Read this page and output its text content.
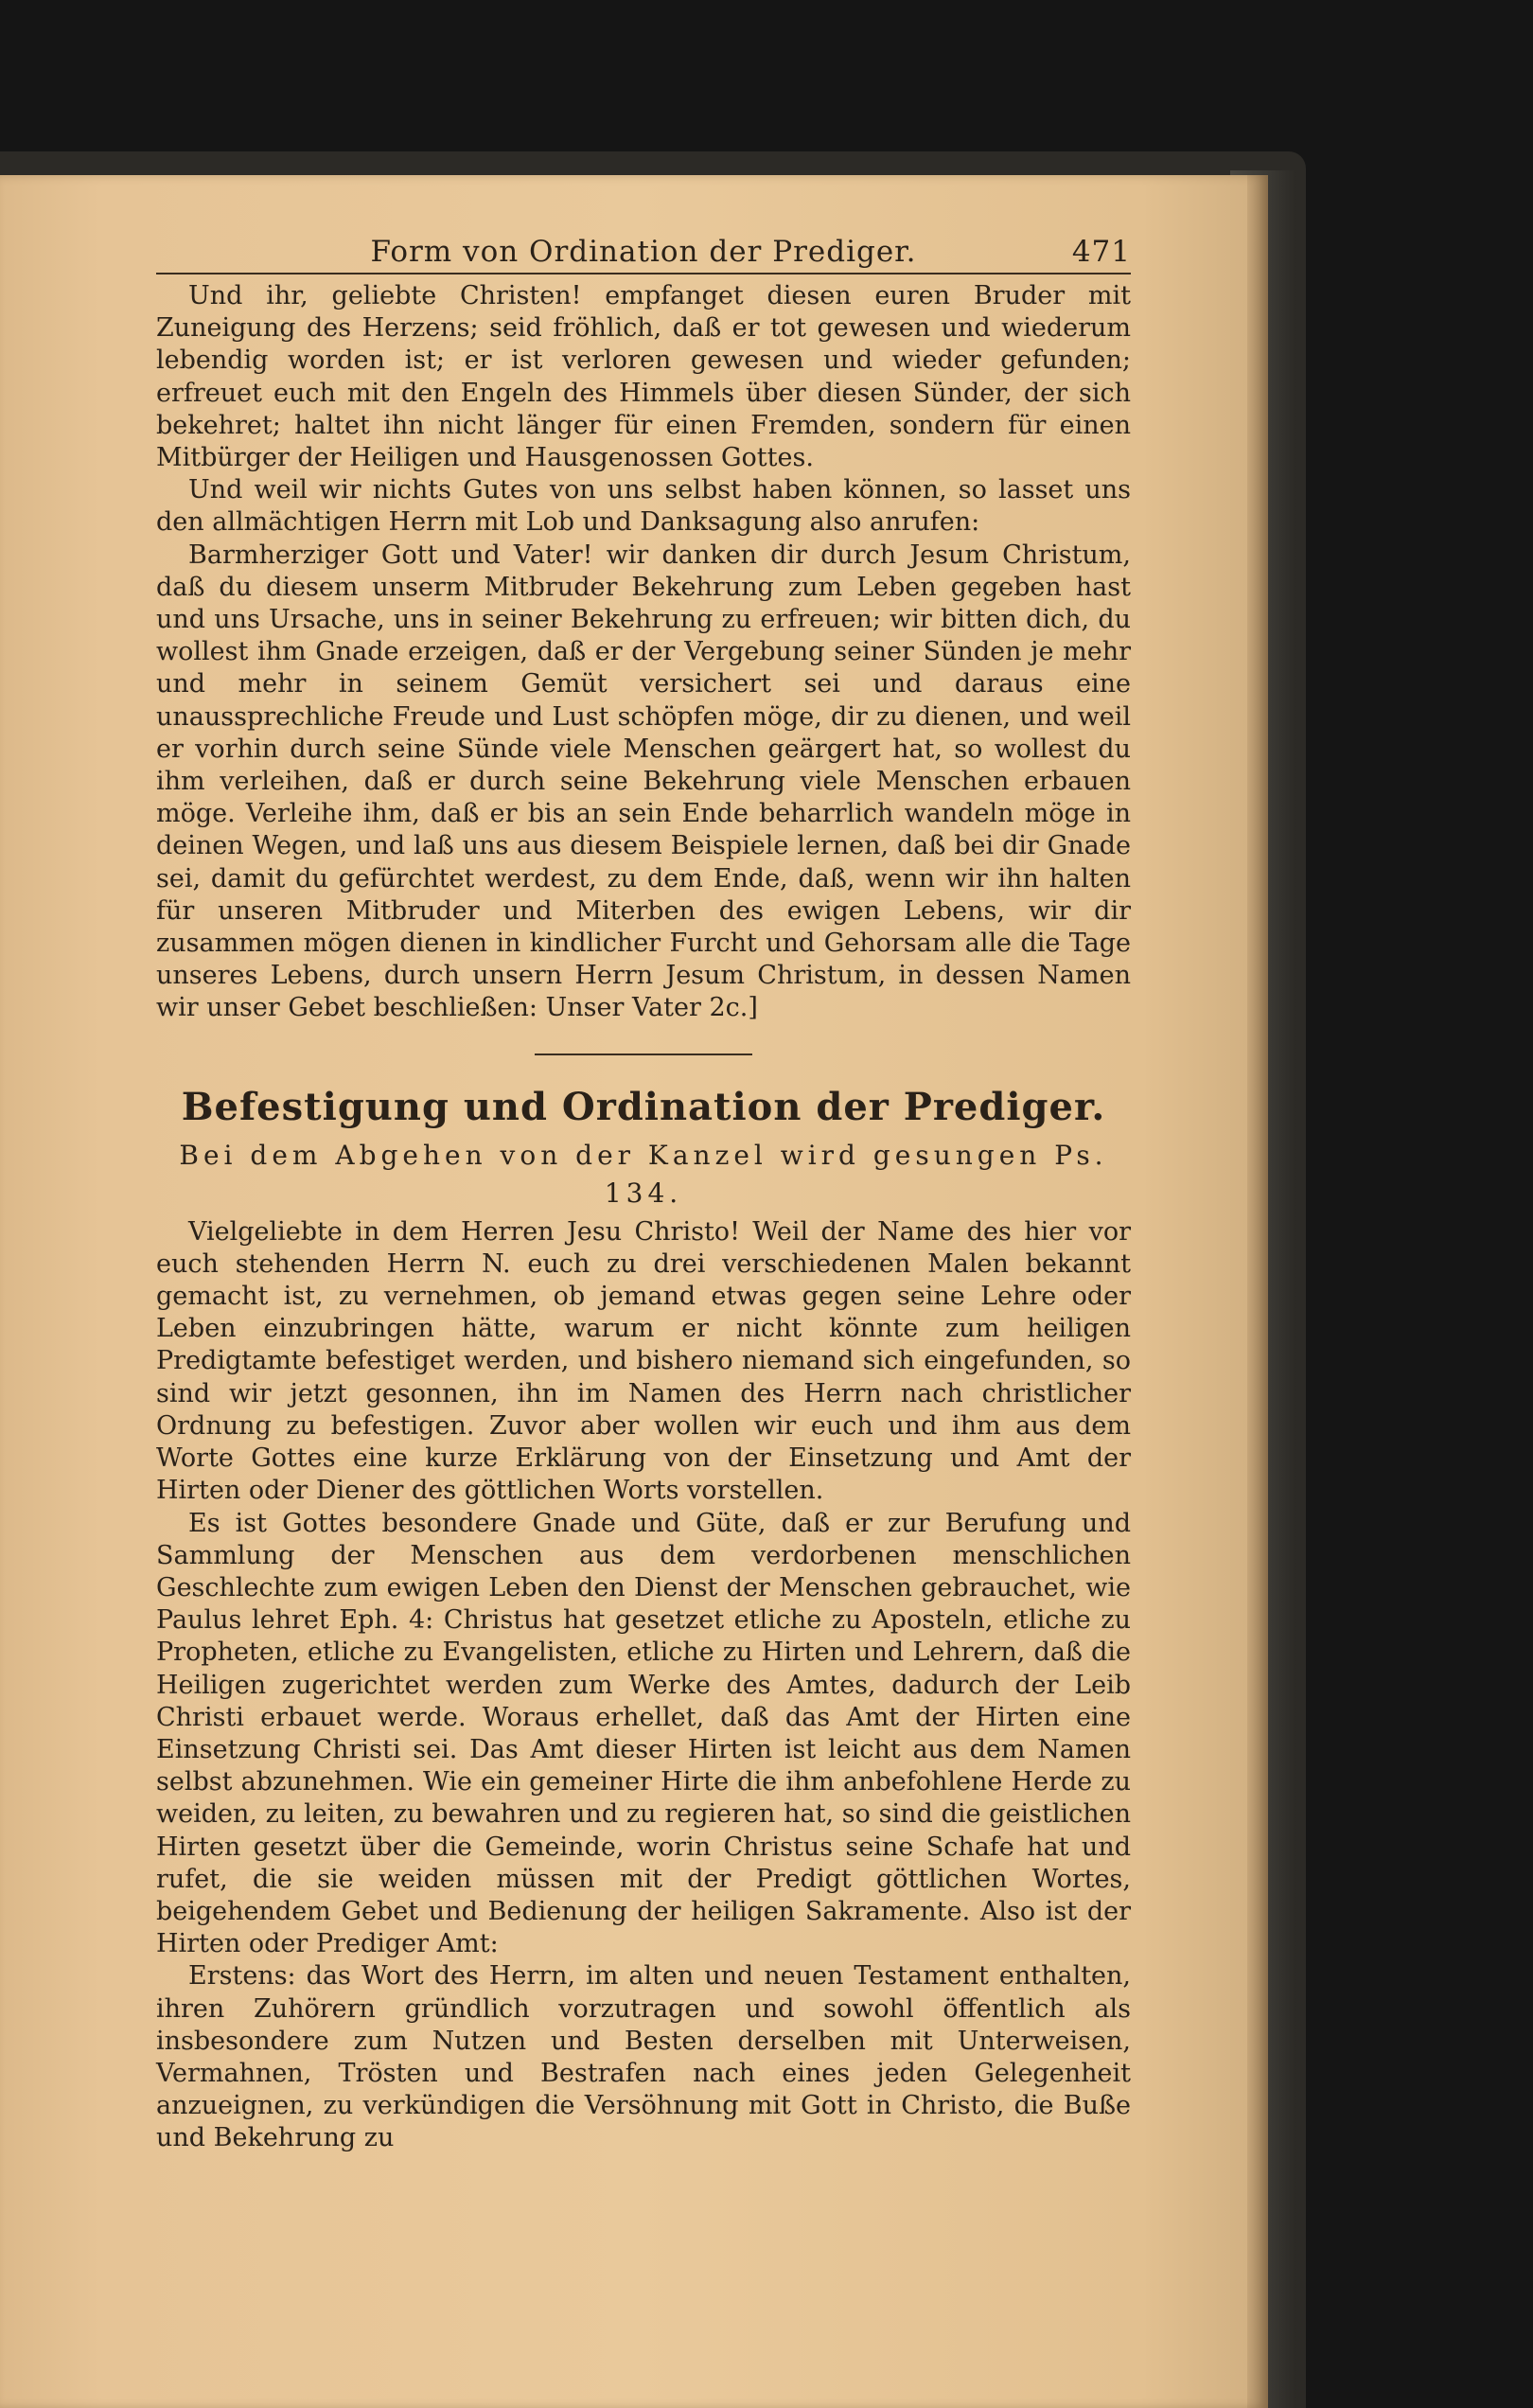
Form von Ordination der Prediger.	471

Und ihr, geliebte Christen! empfanget diesen euren Bruder mit Zuneigung des Herzens; seid fröhlich, daß er tot gewesen und wiederum lebendig worden ist; er ist verloren gewesen und wieder gefunden; erfreuet euch mit den Engeln des Himmels über diesen Sünder, der sich bekehret; haltet ihn nicht länger für einen Fremden, sondern für einen Mitbürger der Heiligen und Hausgenossen Gottes.

Und weil wir nichts Gutes von uns selbst haben können, so lasset uns den allmächtigen Herrn mit Lob und Danksagung also anrufen:

Barmherziger Gott und Vater! wir danken dir durch Jesum Christum, daß du diesem unserm Mitbruder Bekehrung zum Leben gegeben hast und uns Ursache, uns in seiner Bekehrung zu erfreuen; wir bitten dich, du wollest ihm Gnade erzeigen, daß er der Vergebung seiner Sünden je mehr und mehr in seinem Gemüt versichert sei und daraus eine unaussprechliche Freude und Lust schöpfen möge, dir zu dienen, und weil er vorhin durch seine Sünde viele Menschen geärgert hat, so wollest du ihm verleihen, daß er durch seine Bekehrung viele Menschen erbauen möge. Verleihe ihm, daß er bis an sein Ende beharrlich wandeln möge in deinen Wegen, und laß uns aus diesem Beispiele lernen, daß bei dir Gnade sei, damit du gefürchtet werdest, zu dem Ende, daß, wenn wir ihn halten für unseren Mitbruder und Miterben des ewigen Lebens, wir dir zusammen mögen dienen in kindlicher Furcht und Gehorsam alle die Tage unseres Lebens, durch unsern Herrn Jesum Christum, in dessen Namen wir unser Gebet beschließen: Unser Vater 2c.]

Befestigung und Ordination der Prediger.
Bei dem Abgehen von der Kanzel wird gesungen Ps. 134.

Vielgeliebte in dem Herren Jesu Christo! Weil der Name des hier vor euch stehenden Herrn N. euch zu drei verschiedenen Malen bekannt gemacht ist, zu vernehmen, ob jemand etwas gegen seine Lehre oder Leben einzubringen hätte, warum er nicht könnte zum heiligen Predigtamte befestiget werden, und bishero niemand sich eingefunden, so sind wir jetzt gesonnen, ihn im Namen des Herrn nach christlicher Ordnung zu befestigen. Zuvor aber wollen wir euch und ihm aus dem Worte Gottes eine kurze Erklärung von der Einsetzung und Amt der Hirten oder Diener des göttlichen Worts vorstellen.

Es ist Gottes besondere Gnade und Güte, daß er zur Berufung und Sammlung der Menschen aus dem verdorbenen menschlichen Geschlechte zum ewigen Leben den Dienst der Menschen gebrauchet, wie Paulus lehret Eph. 4: Christus hat gesetzet etliche zu Aposteln, etliche zu Propheten, etliche zu Evangelisten, etliche zu Hirten und Lehrern, daß die Heiligen zugerichtet werden zum Werke des Amtes, dadurch der Leib Christi erbauet werde. Woraus erhellet, daß das Amt der Hirten eine Einsetzung Christi sei. Das Amt dieser Hirten ist leicht aus dem Namen selbst abzunehmen. Wie ein gemeiner Hirte die ihm anbefohlene Herde zu weiden, zu leiten, zu bewahren und zu regieren hat, so sind die geistlichen Hirten gesetzt über die Gemeinde, worin Christus seine Schafe hat und rufet, die sie weiden müssen mit der Predigt göttlichen Wortes, beigehendem Gebet und Bedienung der heiligen Sakramente. Also ist der Hirten oder Prediger Amt:

Erstens: das Wort des Herrn, im alten und neuen Testament enthalten, ihren Zuhörern gründlich vorzutragen und sowohl öffentlich als insbesondere zum Nutzen und Besten derselben mit Unterweisen, Vermahnen, Trösten und Bestrafen nach eines jeden Gelegenheit anzueignen, zu verkündigen die Versöhnung mit Gott in Christo, die Buße und Bekehrung zu
